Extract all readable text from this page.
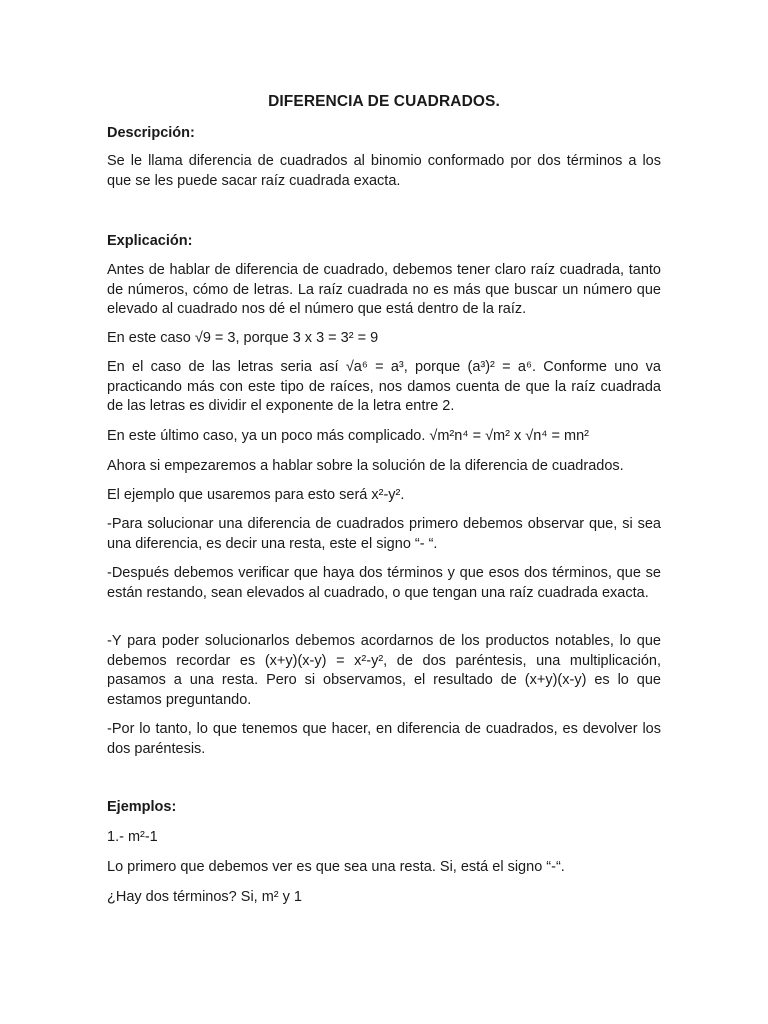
DIFERENCIA DE CUADRADOS.
Descripción:
Se le llama diferencia de cuadrados al binomio conformado por dos términos a los que se les puede sacar raíz cuadrada exacta.
Explicación:
Antes de hablar de diferencia de cuadrado, debemos tener claro raíz cuadrada, tanto de números, cómo de letras. La raíz cuadrada no es más que buscar un número que elevado al cuadrado nos dé el número que está dentro de la raíz.
En este caso √9 = 3, porque 3 x 3 = 3² = 9
En el caso de las letras seria así √a⁶ = a³, porque (a³)² = a⁶. Conforme uno va practicando más con este tipo de raíces, nos damos cuenta de que la raíz cuadrada de las letras es dividir el exponente de la letra entre 2.
En este último caso, ya un poco más complicado. √m²n⁴ = √m² x √n⁴ = mn²
Ahora si empezaremos a hablar sobre la solución de la diferencia de cuadrados.
El ejemplo que usaremos para esto será x²-y².
-Para solucionar una diferencia de cuadrados primero debemos observar que, si sea una diferencia, es decir una resta, este el signo “- “.
-Después debemos verificar que haya dos términos y que esos dos términos, que se están restando, sean elevados al cuadrado, o que tengan una raíz cuadrada exacta.
-Y para poder solucionarlos debemos acordarnos de los productos notables, lo que debemos recordar es (x+y)(x-y) = x²-y², de dos paréntesis, una multiplicación, pasamos a una resta. Pero si observamos, el resultado de (x+y)(x-y) es lo que estamos preguntando.
-Por lo tanto, lo que tenemos que hacer, en diferencia de cuadrados, es devolver los dos paréntesis.
Ejemplos:
1.- m²-1
Lo primero que debemos ver es que sea una resta. Si, está el signo “-“.
¿Hay dos términos? Si, m² y 1
